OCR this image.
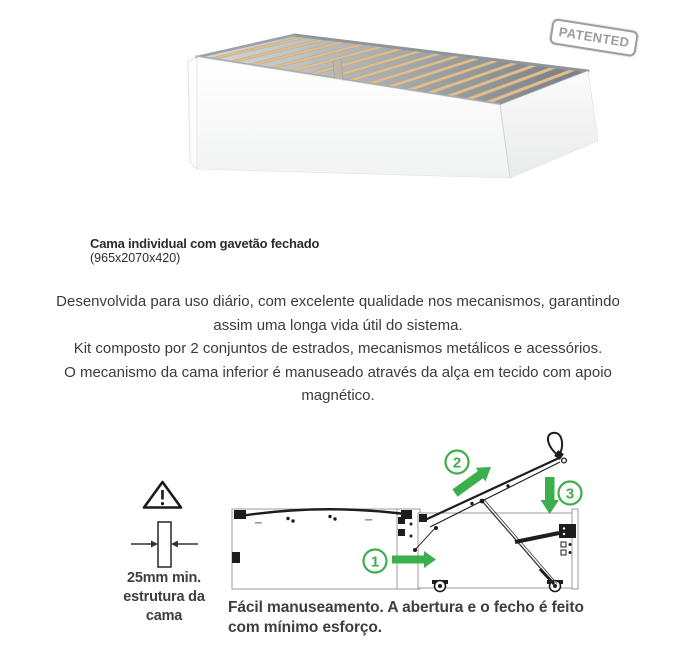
PATENTED
Cama individual com gavetão fechado
(965x2070x420)

Desenvolvida para uso diário, com excelente qualidade nos mecanismos, garantindo assim uma longa vida útil do sistema.

Kit composto por 2 conjuntos de estrados, mecanismos metálicos e acessórios.

O mecanismo da cama inferior é manuseado através da alça em tecido com apoio magnético.

25mm min.
estrutura da
cama
1
2
3
Fácil manuseamento. A abertura e o fecho é feito com mínimo esforço.
